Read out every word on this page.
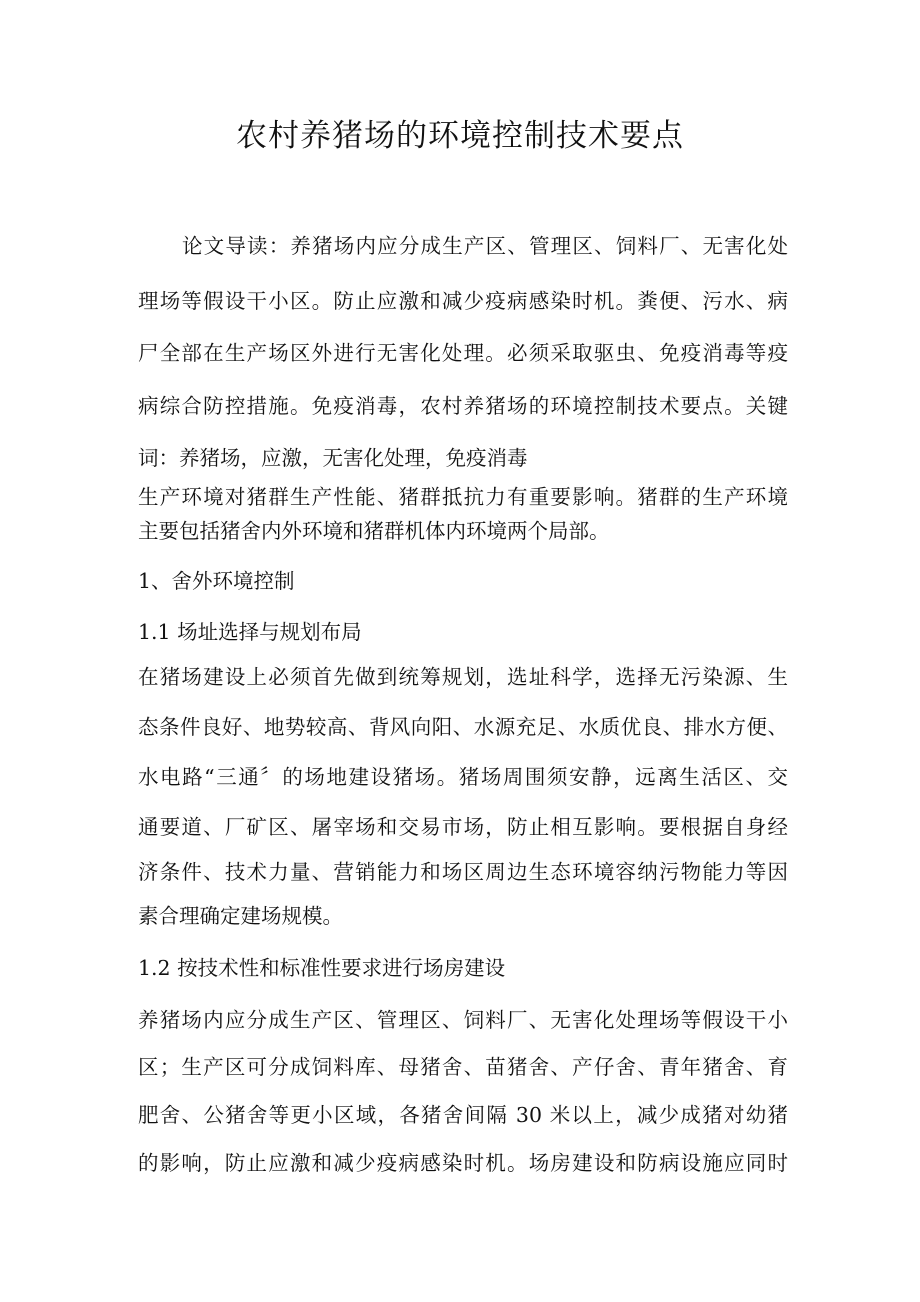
农村养猪场的环境控制技术要点

论文导读：养猪场内应分成生产区、管理区、饲料厂、无害化处

理场等假设干小区。防止应激和减少疫病感染时机。粪便、污水、病

尸全部在生产场区外进行无害化处理。必须采取驱虫、免疫消毒等疫

病综合防控措施。免疫消毒，农村养猪场的环境控制技术要点。关键

词：养猪场，应激，无害化处理，免疫消毒

生产环境对猪群生产性能、猪群抵抗力有重要影响。猪群的生产环境

主要包括猪舍内外环境和猪群机体内环境两个局部。

1、舍外环境控制

1.1 场址选择与规划布局

在猪场建设上必须首先做到统筹规划，选址科学，选择无污染源、生

态条件良好、地势较高、背风向阳、水源充足、水质优良、排水方便、

水电路“三通〞的场地建设猪场。猪场周围须安静，远离生活区、交

通要道、厂矿区、屠宰场和交易市场，防止相互影响。要根据自身经

济条件、技术力量、营销能力和场区周边生态环境容纳污物能力等因

素合理确定建场规模。

1.2 按技术性和标准性要求进行场房建设

养猪场内应分成生产区、管理区、饲料厂、无害化处理场等假设干小

区；生产区可分成饲料库、母猪舍、苗猪舍、产仔舍、青年猪舍、育

肥舍、公猪舍等更小区域，各猪舍间隔 30 米以上，减少成猪对幼猪

的影响，防止应激和减少疫病感染时机。场房建设和防病设施应同时
